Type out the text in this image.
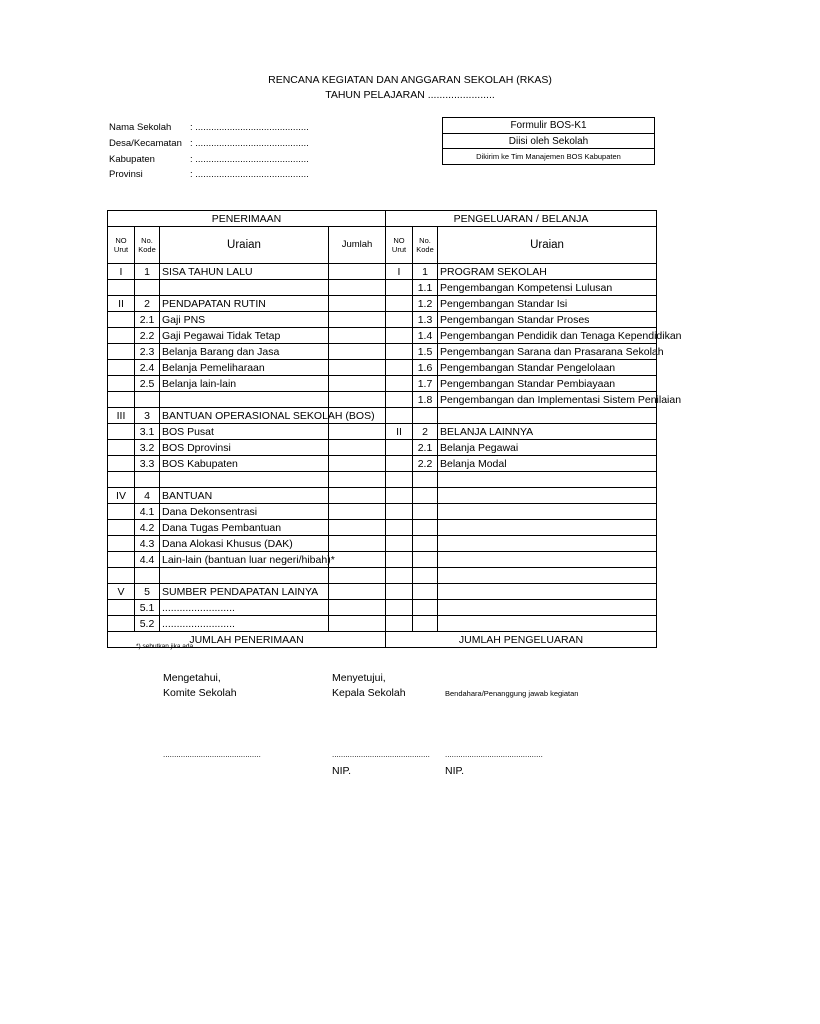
RENCANA KEGIATAN DAN ANGGARAN SEKOLAH (RKAS)
TAHUN PELAJARAN .......................
Nama Sekolah : ...........................................
Desa/Kecamatan : ...........................................
Kabupaten	: ...........................................
Provinsi	: ...........................................
Formulir BOS-K1
Diisi oleh Sekolah
Dikirim ke Tim Manajemen BOS Kabupaten
PENERIMAAN				PENGELUARAN / BELANJA		
NO Urut	No. Kode	Uraian	Jumlah	NO Urut	No. Kode	Uraian
I	1	SISA TAHUN LALU		I	1	PROGRAM SEKOLAH
					1.1	Pengembangan Kompetensi Lulusan
II	2	PENDAPATAN RUTIN			1.2	Pengembangan Standar Isi
	2.1	Gaji PNS			1.3	Pengembangan Standar Proses
	2.2	Gaji Pegawai Tidak Tetap			1.4	Pengembangan Pendidik dan Tenaga Kependidikan
	2.3	Belanja Barang dan Jasa			1.5	Pengembangan Sarana dan Prasarana Sekolah
	2.4	Belanja Pemeliharaan			1.6	Pengembangan Standar Pengelolaan
	2.5	Belanja lain-lain			1.7	Pengembangan Standar Pembiayaan
					1.8	Pengembangan dan Implementasi Sistem Penilaian
III	3	BANTUAN OPERASIONAL SEKOLAH (BOS)				
	3.1	BOS Pusat		II	2	BELANJA LAINNYA
	3.2	BOS Dprovinsi			2.1	Belanja Pegawai
	3.3	BOS Kabupaten			2.2	Belanja Modal

IV	4	BANTUAN				
	4.1	Dana Dekonsentrasi				
	4.2	Dana Tugas Pembantuan				
	4.3	Dana Alokasi Khusus (DAK)				
	4.4	Lain-lain (bantuan luar negeri/hibah)*				

V	5	SUMBER PENDAPATAN LAINYA				
	5.1	.........................				
	5.2	.........................				
JUMLAH PENERIMAAN				JUMLAH PENGELUARAN		
*) sebutkan jika ada
Mengetahui,
Komite Sekolah
Menyetujui,
Kepala Sekolah	Bendahara/Penanggung jawab kegiatan
............................................	............................................ ............................................
NIP.	NIP.
